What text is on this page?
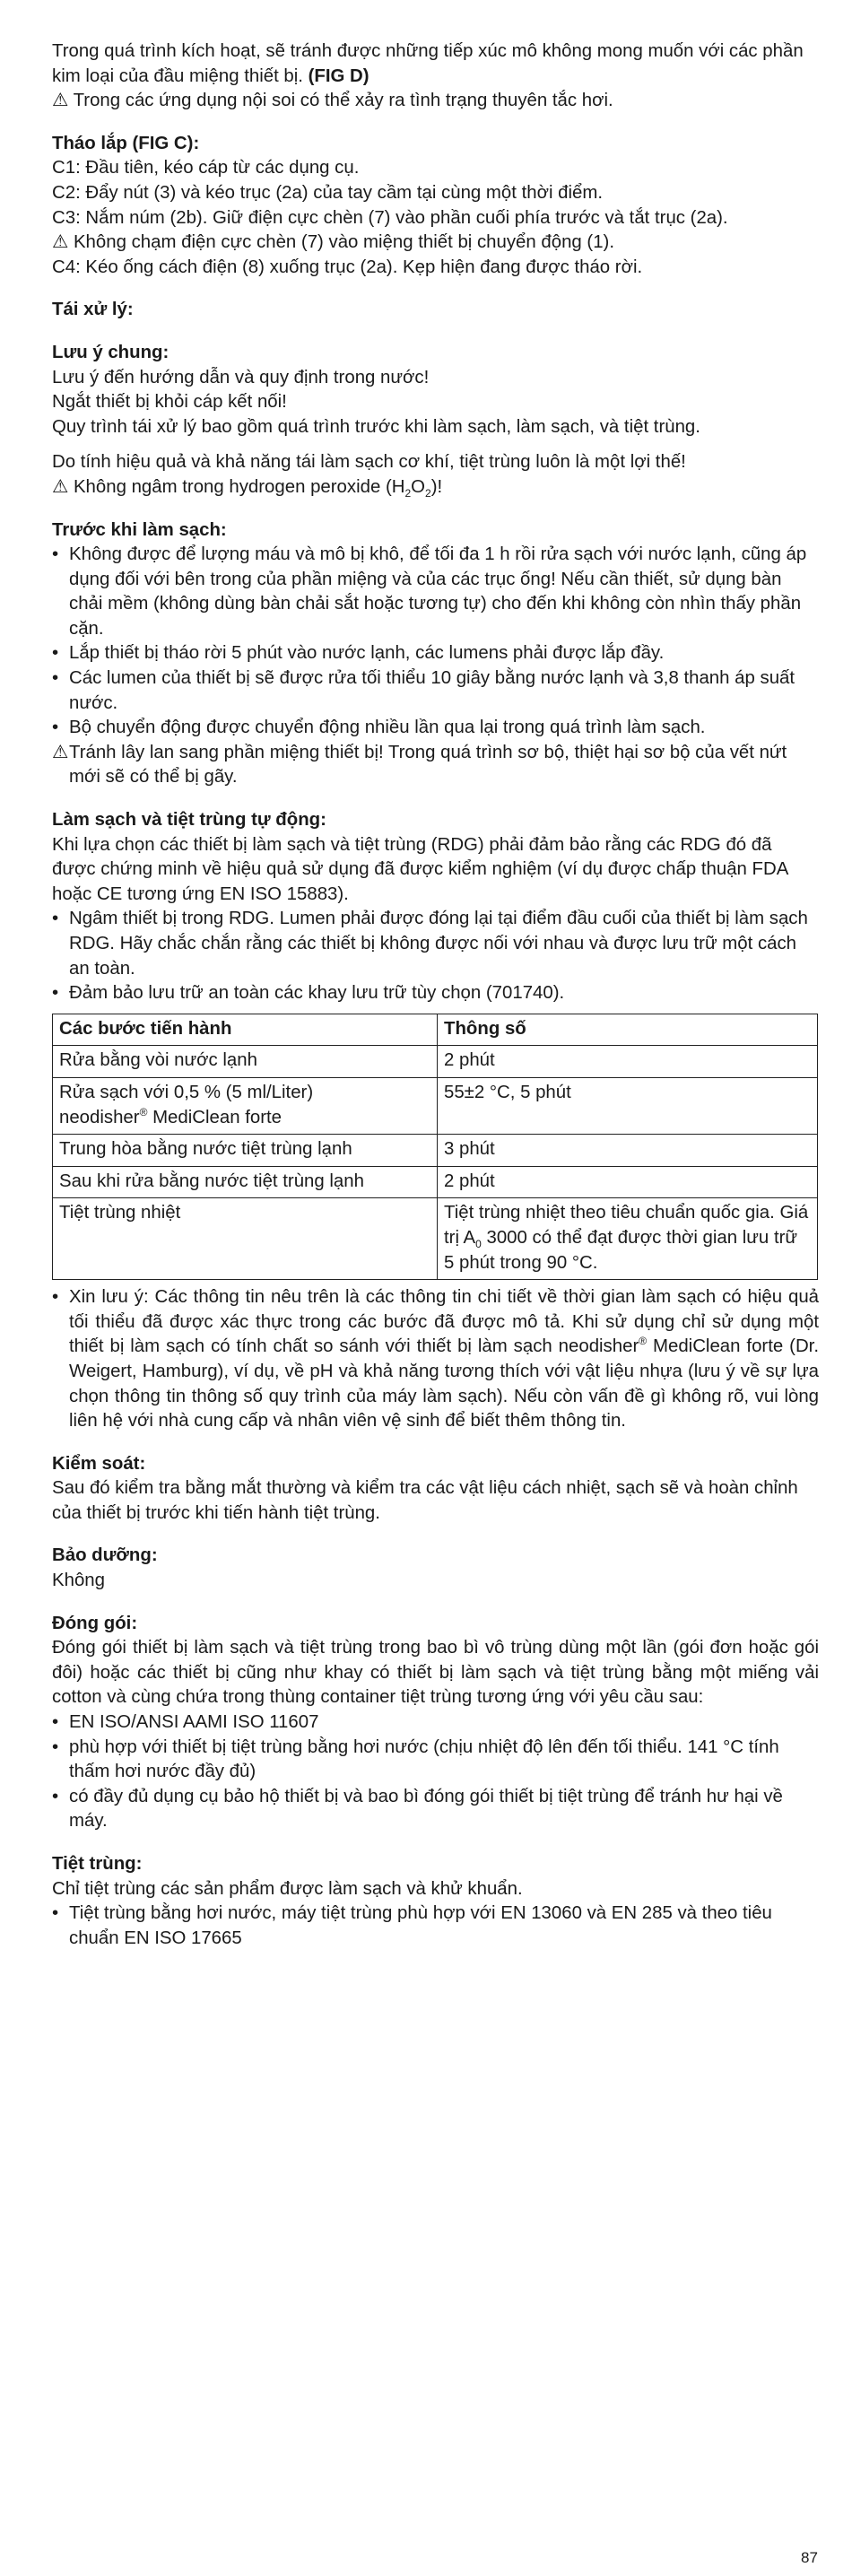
Trong quá trình kích hoạt, sẽ tránh được những tiếp xúc mô không mong muốn với các phần kim loại của đầu miệng thiết bị. (FIG D)

⚠ Trong các ứng dụng nội soi có thể xảy ra tình trạng thuyên tắc hơi.

Tháo lắp (FIG C):

C1: Đầu tiên, kéo cáp từ các dụng cụ.

C2: Đẩy nút (3) và kéo trục (2a) của tay cầm tại cùng một thời điểm.

C3: Nắm núm (2b). Giữ điện cực chèn (7) vào phần cuối phía trước và tắt trục (2a).

⚠ Không chạm điện cực chèn (7) vào miệng thiết bị chuyển động (1).

C4: Kéo ống cách điện (8) xuống trục (2a). Kẹp hiện đang được tháo rời.

Tái xử lý:

Lưu ý chung:

Lưu ý đến hướng dẫn và quy định trong nước!

Ngắt thiết bị khỏi cáp kết nối!

Quy trình tái xử lý bao gồm quá trình trước khi làm sạch, làm sạch, và tiệt trùng.

Do tính hiệu quả và khả năng tái làm sạch cơ khí, tiệt trùng luôn là một lợi thế!

⚠ Không ngâm trong hydrogen peroxide $(H_2O_2)$!

Trước khi làm sạch:

• Không được để lượng máu và mô bị khô, để tối đa 1 h rồi rửa sạch với nước lạnh, cũng áp dụng đối với bên trong của phần miệng và của các trục ống! Nếu cần thiết, sử dụng bàn chải mềm (không dùng bàn chải sắt hoặc tương tự) cho đến khi không còn nhìn thấy phần cặn.

• Lắp thiết bị tháo rời 5 phút vào nước lạnh, các lumens phải được lắp đầy.

• Các lumen của thiết bị sẽ được rửa tối thiểu 10 giây bằng nước lạnh và 3,8 thanh áp suất nước.

• Bộ chuyển động được chuyển động nhiều lần qua lại trong quá trình làm sạch.

⚠Tránh lây lan sang phần miệng thiết bị! Trong quá trình sơ bộ, thiệt hại sơ bộ của vết nứt mới sẽ có thể bị gãy.

Làm sạch và tiệt trùng tự động:

Khi lựa chọn các thiết bị làm sạch và tiệt trùng (RDG) phải đảm bảo rằng các RDG đó đã được chứng minh về hiệu quả sử dụng đã được kiểm nghiệm (ví dụ được chấp thuận FDA hoặc CE tương ứng EN ISO 15883).

• Ngâm thiết bị trong RDG. Lumen phải được đóng lại tại điểm đầu cuối của thiết bị làm sạch RDG. Hãy chắc chắn rằng các thiết bị không được nối với nhau và được lưu trữ một cách an toàn.

• Đảm bảo lưu trữ an toàn các khay lưu trữ tùy chọn (701740).

Các bước tiến hành	Thông số
Rửa bằng vòi nước lạnh	2 phút
Rửa sạch với 0,5 % (5 ml/Liter)
neodisher® MediClean forte	55±2 °C, 5 phút
Trung hòa bằng nước tiệt trùng lạnh	3 phút
Sau khi rửa bằng nước tiệt trùng lạnh	2 phút
Tiệt trùng nhiệt	Tiệt trùng nhiệt theo tiêu chuẩn quốc gia. Giá trị $A_0$ 3000 có thể đạt được thời gian lưu trữ 5 phút trong 90 °C.

• Xin lưu ý: Các thông tin nêu trên là các thông tin chi tiết về thời gian làm sạch có hiệu quả tối thiểu đã được xác thực trong các bước đã được mô tả. Khi sử dụng chỉ sử dụng một thiết bị làm sạch có tính chất so sánh với thiết bị làm sạch neodisher® MediClean forte (Dr. Weigert, Hamburg), ví dụ, về pH và khả năng tương thích với vật liệu nhựa (lưu ý về sự lựa chọn thông tin thông số quy trình của máy làm sạch). Nếu còn vấn đề gì không rõ, vui lòng liên hệ với nhà cung cấp và nhân viên vệ sinh để biết thêm thông tin.

Kiểm soát:

Sau đó kiểm tra bằng mắt thường và kiểm tra các vật liệu cách nhiệt, sạch sẽ và hoàn chỉnh của thiết bị trước khi tiến hành tiệt trùng.

Bảo dưỡng:

Không

Đóng gói:

Đóng gói thiết bị làm sạch và tiệt trùng trong bao bì vô trùng dùng một lần (gói đơn hoặc gói đôi) hoặc các thiết bị cũng như khay có thiết bị làm sạch và tiệt trùng bằng một miếng vải cotton và cùng chứa trong thùng container tiệt trùng tương ứng với yêu cầu sau:

• EN ISO/ANSI AAMI ISO 11607

• phù hợp với thiết bị tiệt trùng bằng hơi nước (chịu nhiệt độ lên đến tối thiểu. 141 °C tính thấm hơi nước đầy đủ)

• có đầy đủ dụng cụ bảo hộ thiết bị và bao bì đóng gói thiết bị tiệt trùng để tránh hư hại về máy.

Tiệt trùng:

Chỉ tiệt trùng các sản phẩm được làm sạch và khử khuẩn.

• Tiệt trùng bằng hơi nước, máy tiệt trùng phù hợp với EN 13060 và EN 285 và theo tiêu chuẩn EN ISO 17665

87
